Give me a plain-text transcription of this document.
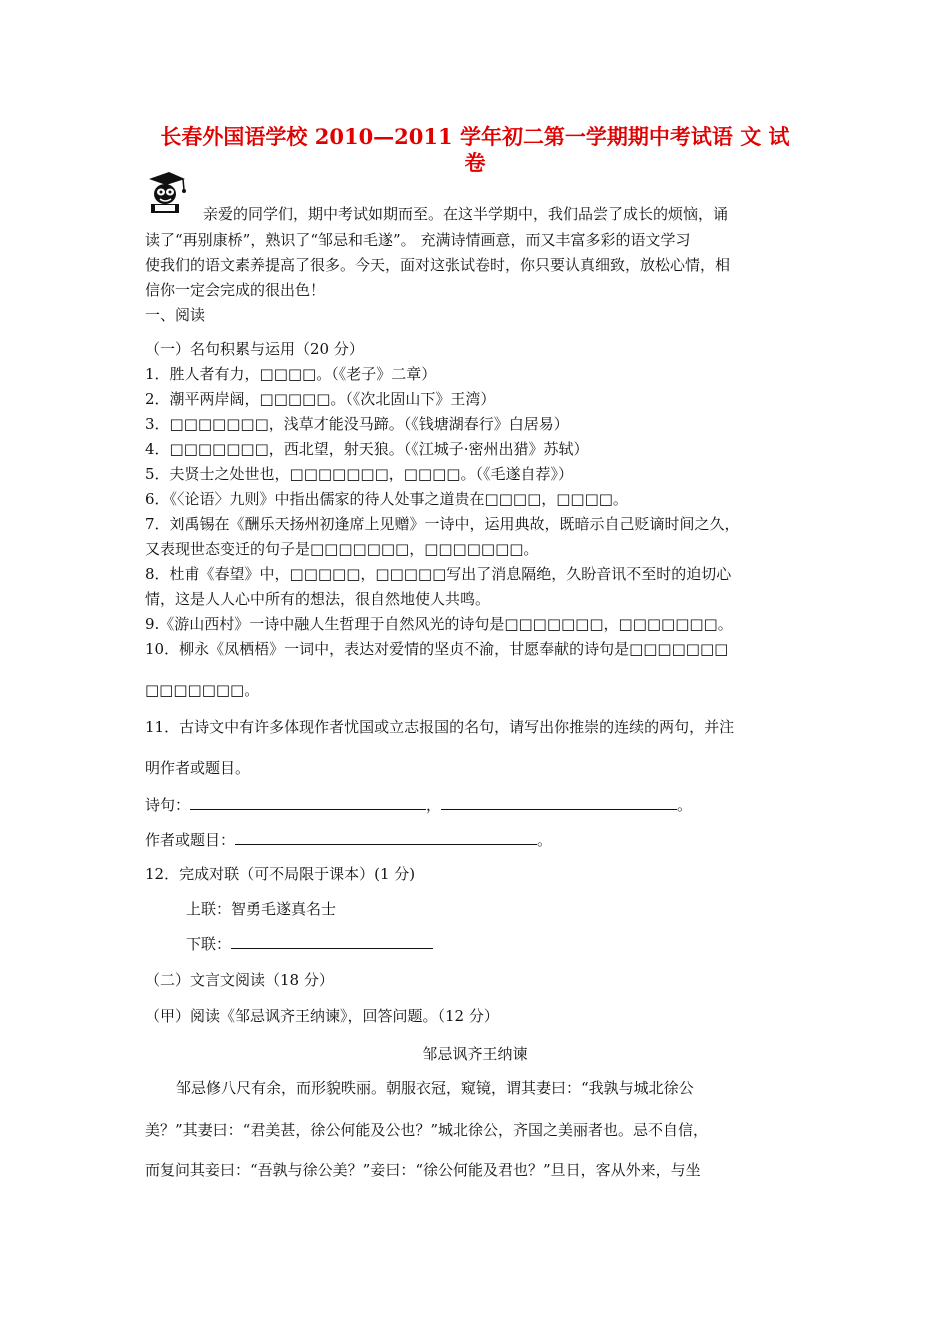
长春外国语学校 2010—2011 学年初二第一学期期中考试语 文 试
卷
亲爱的同学们，期中考试如期而至。在这半学期中，我们品尝了成长的烦恼，诵
读了“再别康桥”，熟识了“邹忌和毛遂”。 充满诗情画意，而又丰富多彩的语文学习
使我们的语文素养提高了很多。今天，面对这张试卷时，你只要认真细致，放松心情，相
信你一定会完成的很出色！
一、阅读
（一）名句积累与运用（20 分）
1．胜人者有力，□□□□。（《老子》二章）
2．潮平两岸阔，□□□□□。（《次北固山下》王湾）
3．□□□□□□□，浅草才能没马蹄。（《钱塘湖春行》白居易）
4．□□□□□□□，西北望，射天狼。（《江城子·密州出猎》苏轼）
5．夫贤士之处世也，□□□□□□□，□□□□。（《毛遂自荐》）
6．《〈论语〉九则》中指出儒家的待人处事之道贵在□□□□，□□□□。
7．刘禹锡在《酬乐天扬州初逢席上见赠》一诗中，运用典故，既暗示自己贬谪时间之久，
又表现世态变迁的句子是□□□□□□□，□□□□□□□。
8．杜甫《春望》中，□□□□□，□□□□□写出了消息隔绝，久盼音讯不至时的迫切心
情，这是人人心中所有的想法，很自然地使人共鸣。
9.《游山西村》一诗中融人生哲理于自然风光的诗句是□□□□□□□，□□□□□□□。
10．柳永《凤栖梧》一词中，表达对爱情的坚贞不渝，甘愿奉献的诗句是□□□□□□□
□□□□□□□。
11．古诗文中有许多体现作者忧国或立志报国的名句，请写出你推崇的连续的两句，并注
明作者或题目。
诗句：	，	。
作者或题目：	。
12．完成对联（可不局限于课本）(1 分)
上联：智勇毛遂真名士
下联：
（二）文言文阅读（18 分）
（甲）阅读《邹忌讽齐王纳谏》，回答问题。（12 分）
邹忌讽齐王纳谏
邹忌修八尺有余，而形貌昳丽。朝服衣冠，窥镜，谓其妻曰：“我孰与城北徐公
美？”其妻曰：“君美甚，徐公何能及公也？”城北徐公，齐国之美丽者也。忌不自信，
而复问其妾曰：“吾孰与徐公美？”妾曰：“徐公何能及君也？”旦日，客从外来，与坐
